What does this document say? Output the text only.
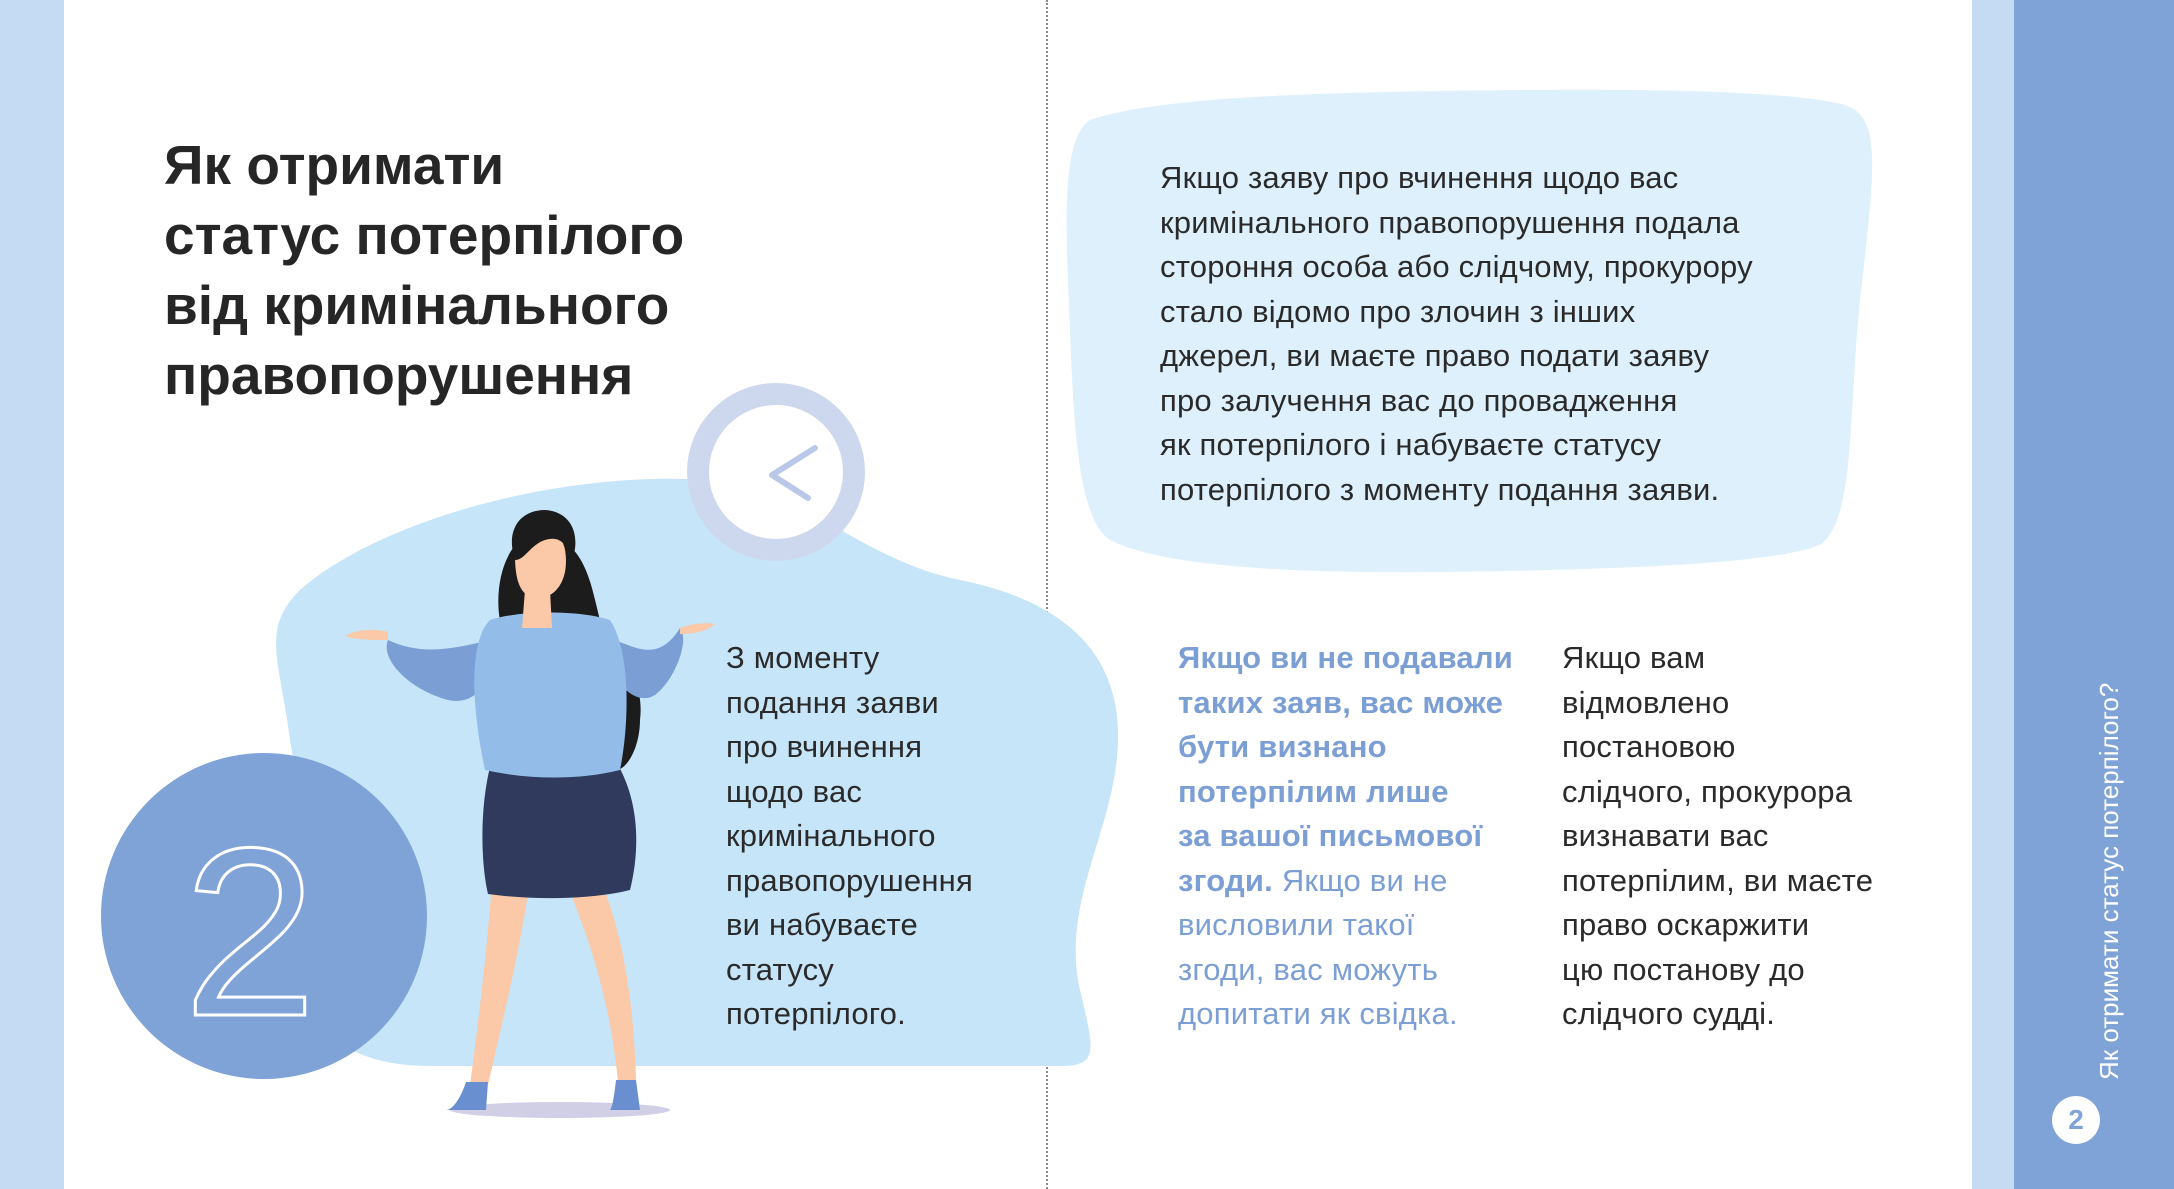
Як отримати
статус потерпілого
від кримінального
правопорушення
2
Якщо заяву про вчинення щодо вас
кримінального правопорушення подала
стороння особа або слідчому, прокурору
стало відомо про злочин з інших
джерел, ви маєте право подати заяву
про залучення вас до провадження
як потерпілого і набуваєте статусу
потерпілого з моменту подання заяви.
З моменту
подання заяви
про вчинення
щодо вас
кримінального
правопорушення
ви набуваєте
статусу
потерпілого.
Якщо ви не подавали
таких заяв, вас може
бути визнано
потерпілим лише
за вашої письмової
згоди. Якщо ви не
висловили такої
згоди, вас можуть
допитати як свідка.
Якщо вам
відмовлено
постановою
слідчого, прокурора
визнавати вас
потерпілим, ви маєте
право оскаржити
цю постанову до
слідчого судді.	Як отримати статус потерпілого?
2
